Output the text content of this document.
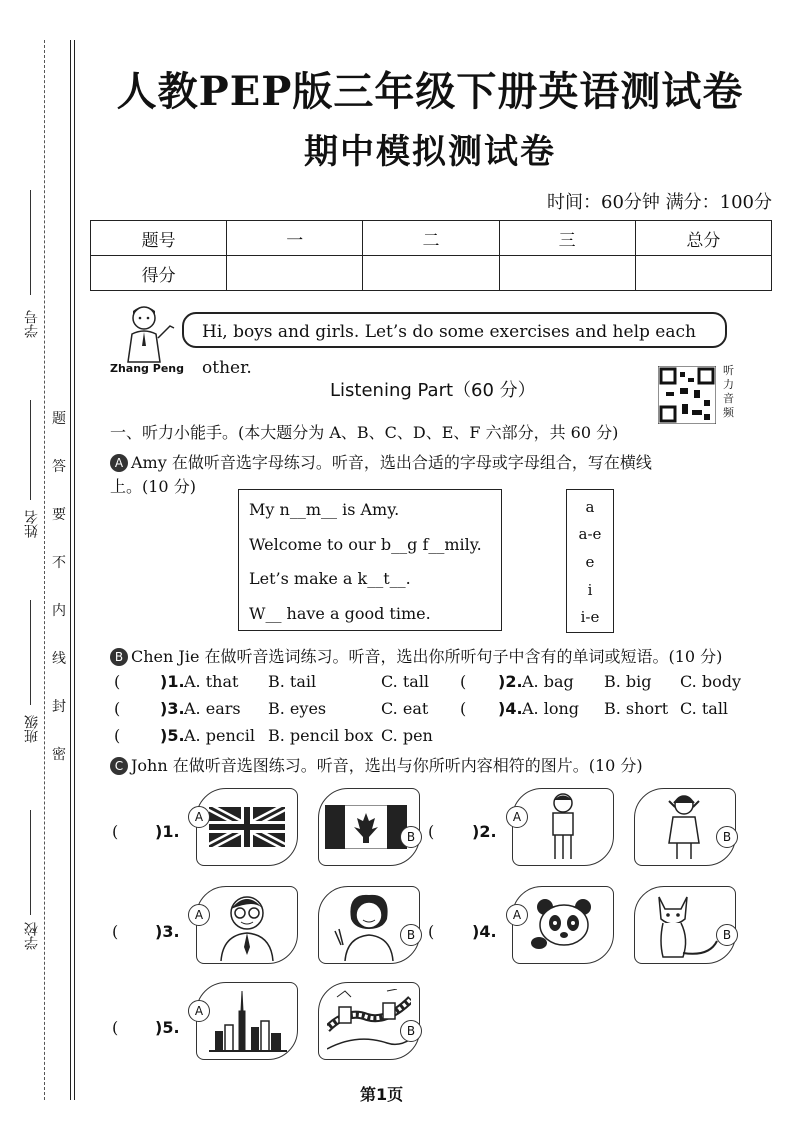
学号
姓名
班级
学校
题
答
要
不
内
线
封
密
人教PEP版三年级下册英语测试卷
期中模拟测试卷
时间：60分钟 满分：100分
题号	一	二	三	总分
得分				
Zhang Peng
Hi, boys and girls. Let’s do some exercises and help each other.
Listening Part（60 分）
听力音频
一、听力小能手。(本大题分为 A、B、C、D、E、F 六部分，共 60 分)
A Amy 在做听音选字母练习。听音，选出合适的字母或字母组合，写在横线
上。(10 分)
My n__m__ is Amy.
Welcome to our b__g f__mily.
Let’s make a k__t__.
W__ have a good time.
a
a-e
e
i
i-e
B Chen Jie 在做听音选词练习。听音，选出你所听句子中含有的单词或短语。(10 分)
( )1. A. that B. tail	C. tall ( )2. A. bag B. big C. body
( )3. A. ears B. eyes	C. eat ( )4. A. long B. short C. tall
( )5. A. pencil B. pencil box C. pen
C John 在做听音选图练习。听音，选出与你所听内容相符的图片。(10 分)
( )1.
A
B ( )2.
A
B
( )3.
A
B ( )4.
A
B
( )5.
A
B
第1页
